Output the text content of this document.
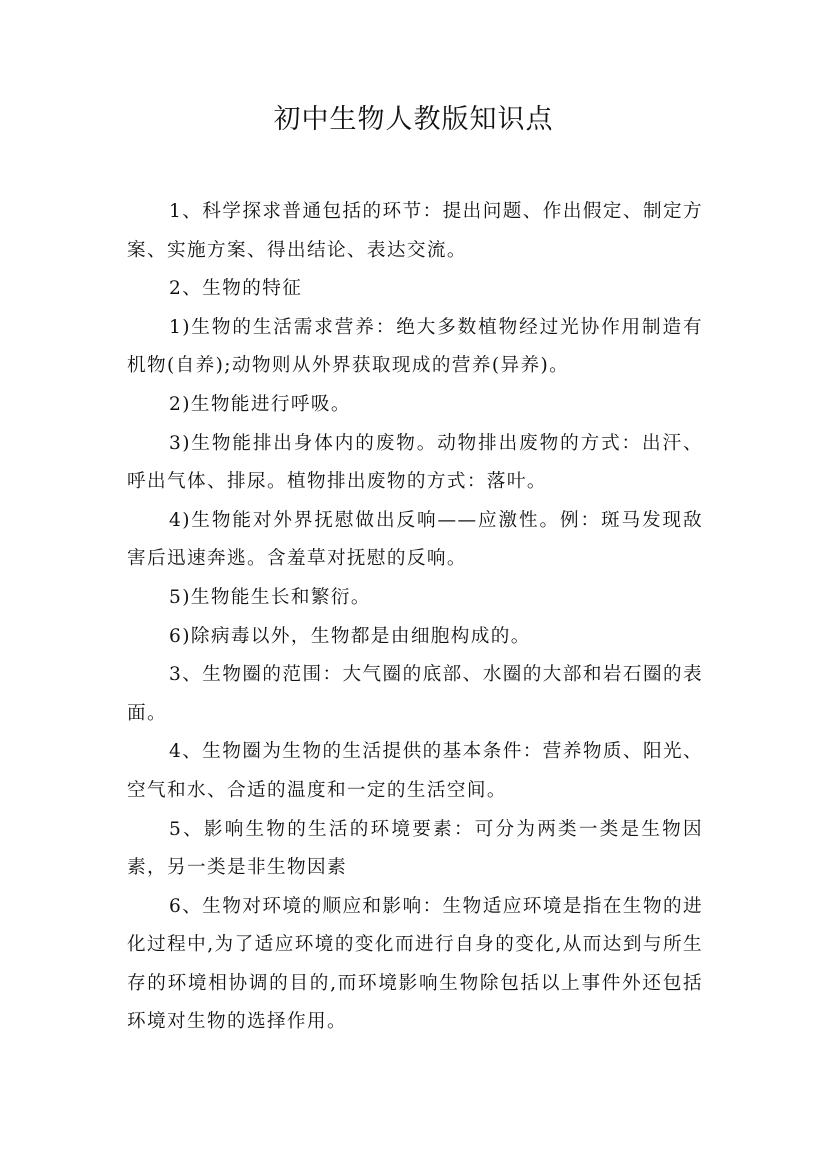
初中生物人教版知识点

1、科学探求普通包括的环节：提出问题、作出假定、制定方案、实施方案、得出结论、表达交流。

2、生物的特征

1)生物的生活需求营养：绝大多数植物经过光协作用制造有机物(自养);动物则从外界获取现成的营养(异养)。

2)生物能进行呼吸。

3)生物能排出身体内的废物。动物排出废物的方式：出汗、呼出气体、排尿。植物排出废物的方式：落叶。

4)生物能对外界抚慰做出反响——应激性。例：斑马发现敌害后迅速奔逃。含羞草对抚慰的反响。

5)生物能生长和繁衍。

6)除病毒以外，生物都是由细胞构成的。

3、生物圈的范围：大气圈的底部、水圈的大部和岩石圈的表面。

4、生物圈为生物的生活提供的基本条件：营养物质、阳光、空气和水、合适的温度和一定的生活空间。

5、影响生物的生活的环境要素：可分为两类一类是生物因素，另一类是非生物因素

6、生物对环境的顺应和影响：生物适应环境是指在生物的进化过程中,为了适应环境的变化而进行自身的变化,从而达到与所生存的环境相协调的目的,而环境影响生物除包括以上事件外还包括环境对生物的选择作用。
